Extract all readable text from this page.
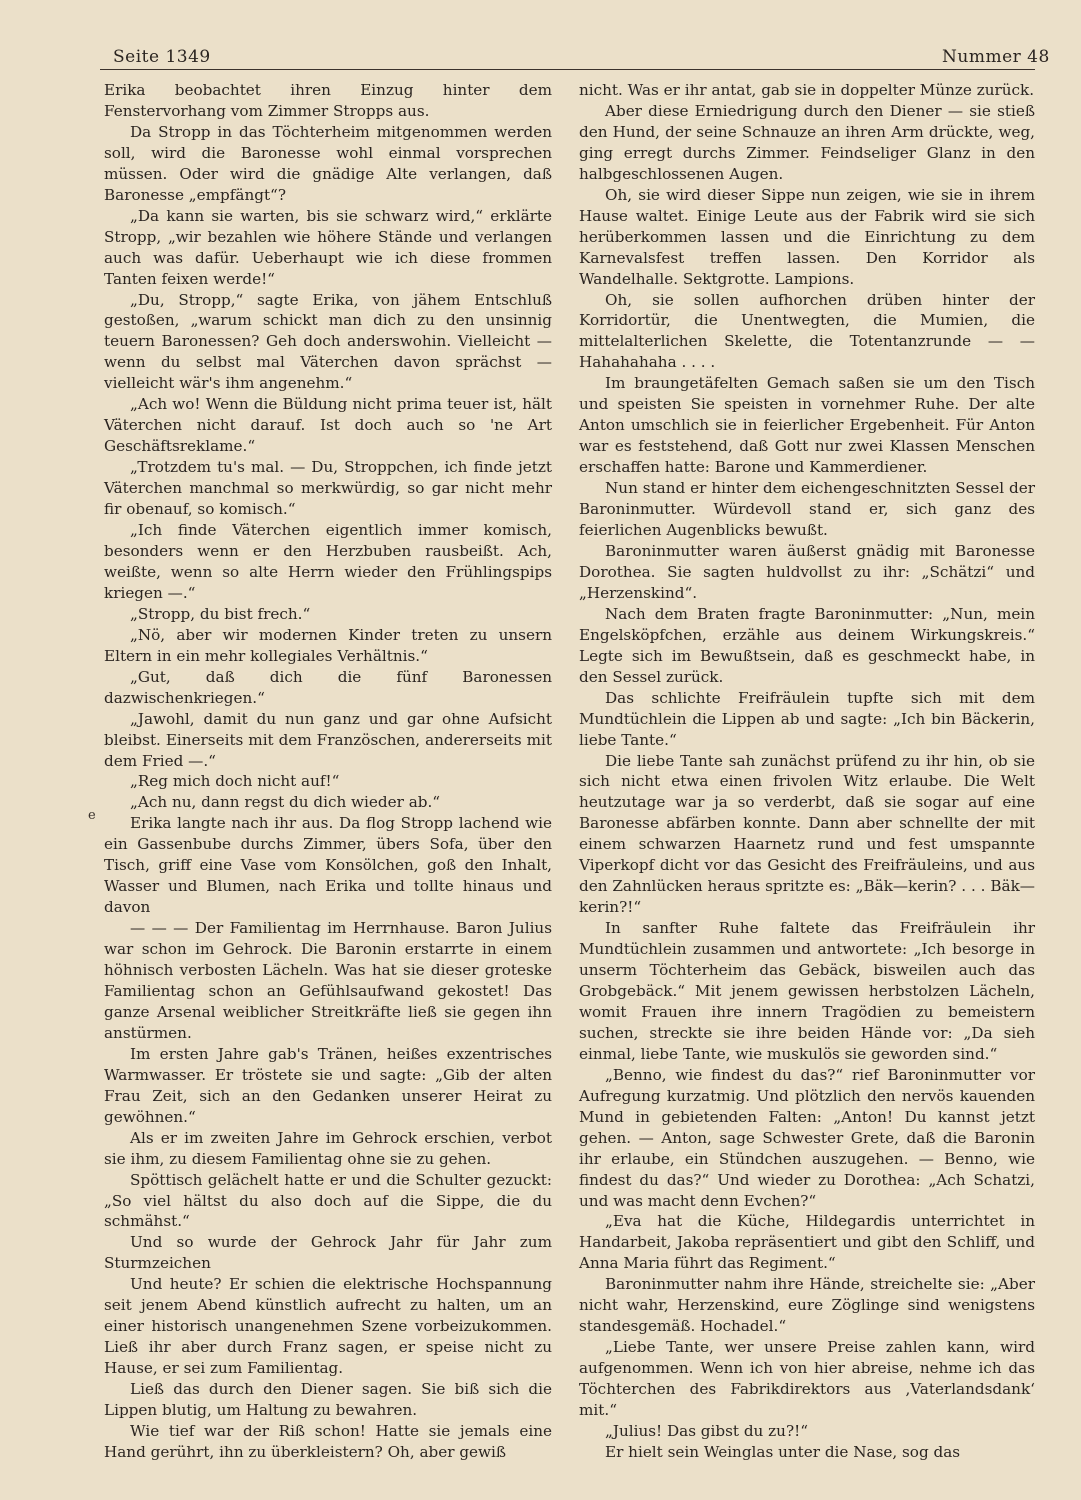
Seite 1349	Nummer 48
e

Erika beobachtet ihren Einzug hinter dem Fenstervorhang vom Zimmer Stropps aus.

Da Stropp in das Töchterheim mitgenommen werden soll, wird die Baronesse wohl einmal vorsprechen müssen. Oder wird die gnädige Alte verlangen, daß Baronesse „empfängt“?

„Da kann sie warten, bis sie schwarz wird,“ erklärte Stropp, „wir bezahlen wie höhere Stände und verlangen auch was dafür. Ueberhaupt wie ich diese frommen Tanten feixen werde!“

„Du, Stropp,“ sagte Erika, von jähem Entschluß gestoßen, „warum schickt man dich zu den unsinnig teuern Baronessen? Geh doch anderswohin. Vielleicht —wenn du selbst mal Väterchen davon sprächst — vielleicht wär's ihm angenehm.“

„Ach wo! Wenn die Büldung nicht prima teuer ist, hält Väterchen nicht darauf. Ist doch auch so 'ne Art Geschäftsreklame.“

„Trotzdem tu's mal. — Du, Stroppchen, ich finde jetzt Väterchen manchmal so merkwürdig, so gar nicht mehr fir obenauf, so komisch.“

„Ich finde Väterchen eigentlich immer komisch, besonders wenn er den Herzbuben rausbeißt. Ach, weißte, wenn so alte Herrn wieder den Frühlingspips kriegen —.“

„Stropp, du bist frech.“

„Nö, aber wir modernen Kinder treten zu unsern Eltern in ein mehr kollegiales Verhältnis.“

„Gut, daß dich die fünf Baronessen dazwischenkriegen.“

„Jawohl, damit du nun ganz und gar ohne Aufsicht bleibst. Einerseits mit dem Französchen, andererseits mit dem Fried —.“

„Reg mich doch nicht auf!“

„Ach nu, dann regst du dich wieder ab.“

Erika langte nach ihr aus. Da flog Stropp lachend wie ein Gassenbube durchs Zimmer, übers Sofa, über den Tisch, griff eine Vase vom Konsölchen, goß den Inhalt, Wasser und Blumen, nach Erika und tollte hinaus und davon

— — — Der Familientag im Herrnhause. Baron Julius war schon im Gehrock. Die Baronin erstarrte in einem höhnisch verbosten Lächeln. Was hat sie dieser groteske Familientag schon an Gefühlsaufwand gekostet! Das ganze Arsenal weiblicher Streitkräfte ließ sie gegen ihn anstürmen.

Im ersten Jahre gab's Tränen, heißes exzentrisches Warmwasser. Er tröstete sie und sagte: „Gib der alten Frau Zeit, sich an den Gedanken unserer Heirat zu gewöhnen.“

Als er im zweiten Jahre im Gehrock erschien, verbot sie ihm, zu diesem Familientag ohne sie zu gehen.

Spöttisch gelächelt hatte er und die Schulter gezuckt: „So viel hältst du also doch auf die Sippe, die du schmähst.“

Und so wurde der Gehrock Jahr für Jahr zum Sturmzeichen

Und heute? Er schien die elektrische Hochspannung seit jenem Abend künstlich aufrecht zu halten, um an einer historisch unangenehmen Szene vorbeizukommen. Ließ ihr aber durch Franz sagen, er speise nicht zu Hause, er sei zum Familientag.

Ließ das durch den Diener sagen. Sie biß sich die Lippen blutig, um Haltung zu bewahren.

Wie tief war der Riß schon! Hatte sie jemals eine Hand gerührt, ihn zu überkleistern? Oh, aber gewiß

nicht. Was er ihr antat, gab sie in doppelter Münze zurück.

Aber diese Erniedrigung durch den Diener — sie stieß den Hund, der seine Schnauze an ihren Arm drückte, weg, ging erregt durchs Zimmer. Feindseliger Glanz in den halbgeschlossenen Augen.

Oh, sie wird dieser Sippe nun zeigen, wie sie in ihrem Hause waltet. Einige Leute aus der Fabrik wird sie sich herüberkommen lassen und die Einrichtung zu dem Karnevalsfest treffen lassen. Den Korridor als Wandelhalle. Sektgrotte. Lampions.

Oh, sie sollen aufhorchen drüben hinter der Korridortür, die Unentwegten, die Mumien, die mittelalterlichen Skelette, die Totentanzrunde — — Hahahahaha . . . .

Im braungetäfelten Gemach saßen sie um den Tisch und speisten Sie speisten in vornehmer Ruhe. Der alte Anton umschlich sie in feierlicher Ergebenheit. Für Anton war es feststehend, daß Gott nur zwei Klassen Menschen erschaffen hatte: Barone und Kammerdiener.

Nun stand er hinter dem eichengeschnitzten Sessel der Baroninmutter. Würdevoll stand er, sich ganz des feierlichen Augenblicks bewußt.

Baroninmutter waren äußerst gnädig mit Baronesse Dorothea. Sie sagten huldvollst zu ihr: „Schätzi“ und „Herzenskind“.

Nach dem Braten fragte Baroninmutter: „Nun, mein Engelsköpfchen, erzähle aus deinem Wirkungskreis.“ Legte sich im Bewußtsein, daß es geschmeckt habe, in den Sessel zurück.

Das schlichte Freifräulein tupfte sich mit dem Mundtüchlein die Lippen ab und sagte: „Ich bin Bäckerin, liebe Tante.“

Die liebe Tante sah zunächst prüfend zu ihr hin, ob sie sich nicht etwa einen frivolen Witz erlaube. Die Welt heutzutage war ja so verderbt, daß sie sogar auf eine Baronesse abfärben konnte. Dann aber schnellte der mit einem schwarzen Haarnetz rund und fest umspannte Viperkopf dicht vor das Gesicht des Freifräuleins, und aus den Zahnlücken heraus spritzte es: „Bäk—kerin? . . . Bäk—kerin?!“

In sanfter Ruhe faltete das Freifräulein ihr Mundtüchlein zusammen und antwortete: „Ich besorge in unserm Töchterheim das Gebäck, bisweilen auch das Grobgebäck.“ Mit jenem gewissen herbstolzen Lächeln, womit Frauen ihre innern Tragödien zu bemeistern suchen, streckte sie ihre beiden Hände vor: „Da sieh einmal, liebe Tante, wie muskulös sie geworden sind.“

„Benno, wie findest du das?“ rief Baroninmutter vor Aufregung kurzatmig. Und plötzlich den nervös kauenden Mund in gebietenden Falten: „Anton! Du kannst jetzt gehen. — Anton, sage Schwester Grete, daß die Baronin ihr erlaube, ein Stündchen auszugehen. — Benno, wie findest du das?“ Und wieder zu Dorothea: „Ach Schatzi, und was macht denn Evchen?“

„Eva hat die Küche, Hildegardis unterrichtet in Handarbeit, Jakoba repräsentiert und gibt den Schliff, und Anna Maria führt das Regiment.“

Baroninmutter nahm ihre Hände, streichelte sie: „Aber nicht wahr, Herzenskind, eure Zöglinge sind wenigstens standesgemäß. Hochadel.“

„Liebe Tante, wer unsere Preise zahlen kann, wird aufgenommen. Wenn ich von hier abreise, nehme ich das Töchterchen des Fabrikdirektors aus ‚Vaterlandsdank‘ mit.“

„Julius! Das gibst du zu?!“

Er hielt sein Weinglas unter die Nase, sog das
